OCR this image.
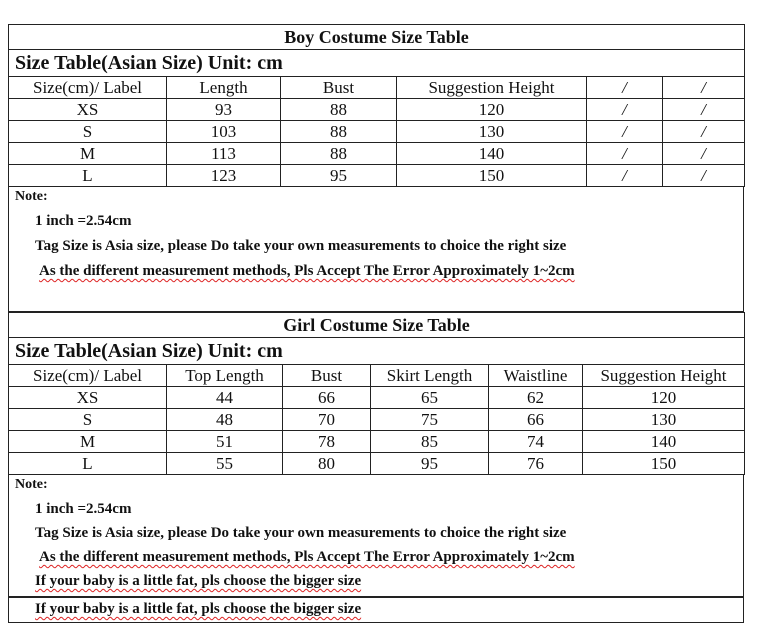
Boy Costume Size Table					
Size Table(Asian Size) Unit: cm					
Size(cm)/ Label	Length	Bust	Suggestion Height	/	/
XS	93	88	120	/	/
S	103	88	130	/	/
M	113	88	140	/	/
L	123	95	150	/	/
Note:
1 inch =2.54cm
Tag Size is Asia size, please Do take your own measurements to choice the right size
As the different measurement methods, Pls Accept The Error Approximately 1~2cm
Girl Costume Size Table					
Size Table(Asian Size) Unit: cm					
Size(cm)/ Label	Top Length	Bust	Skirt Length	Waistline	Suggestion Height
XS	44	66	65	62	120
S	48	70	75	66	130
M	51	78	85	74	140
L	55	80	95	76	150
Note:
1 inch =2.54cm
Tag Size is Asia size, please Do take your own measurements to choice the right size
As the different measurement methods, Pls Accept The Error Approximately 1~2cm
If your baby is a little fat, pls choose the bigger size
If your baby is a little fat, pls choose the bigger size
